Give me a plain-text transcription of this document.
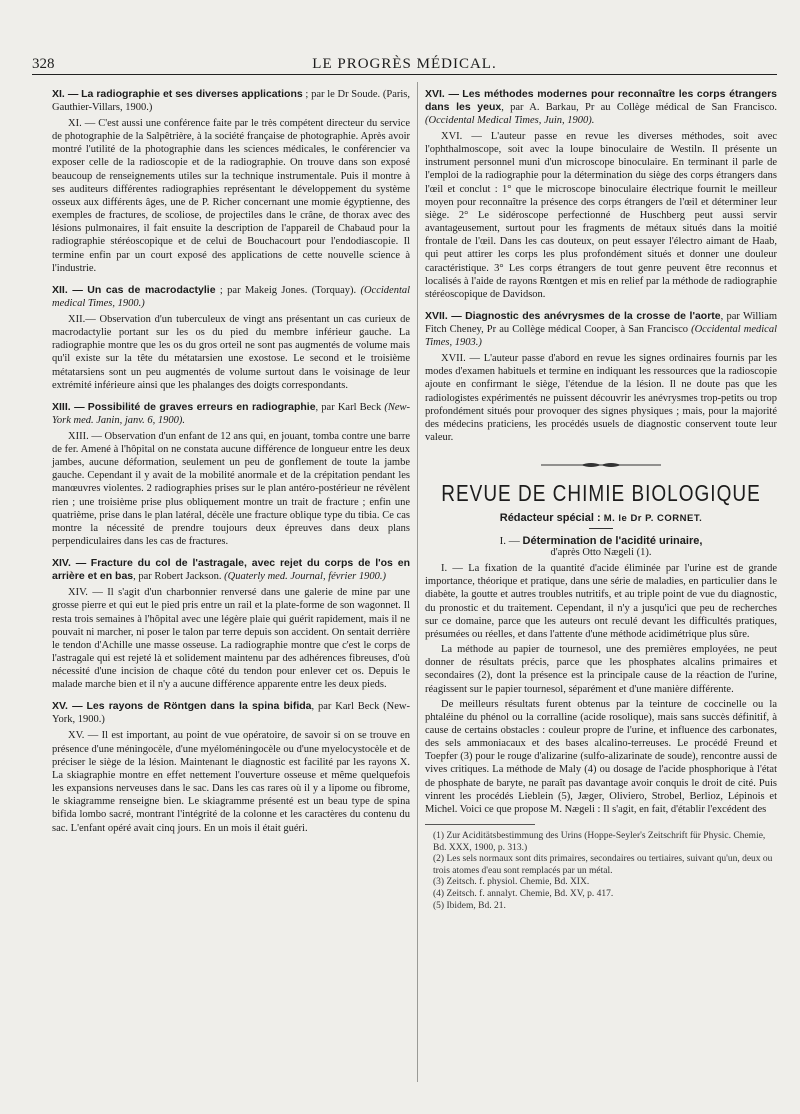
328	LE PROGRÈS MÉDICAL.

XI. — La radiographie et ses diverses applications ; par le Dr Soude. (Paris, Gauthier-Villars, 1900.)

XI. — C'est aussi une conférence faite par le très compétent directeur du service de photographie de la Salpêtrière, à la société française de photographie. Après avoir montré l'utilité de la photographie dans les sciences médicales, le conférencier va exposer celle de la radioscopie et de la radiographie. On trouve dans son exposé beaucoup de renseignements utiles sur la technique instrumentale. Puis il montre à ses auditeurs différentes radiographies représentant le développement du système osseux aux différents âges, une de P. Richer concernant une momie égyptienne, des exemples de fractures, de scoliose, de projectiles dans le crâne, de thorax avec des lésions pulmonaires, il fait ensuite la description de l'appareil de Chabaud pour la radiographie stéréoscopique et de celui de Bouchacourt pour l'endodiascopie. Il termine enfin par un court exposé des applications de cette nouvelle science à l'industrie.

XII. — Un cas de macrodactylie ; par Makeig Jones. (Torquay). (Occidental medical Times, 1900.)

XII.— Observation d'un tuberculeux de vingt ans présentant un cas curieux de macrodactylie portant sur les os du pied du membre inférieur gauche. La radiographie montre que les os du gros orteil ne sont pas augmentés de volume mais qu'il existe sur la tête du métatarsien une exostose. Le second et le troisième métatarsiens sont un peu augmentés de volume surtout dans le voisinage de leur extrémité inférieure ainsi que les phalanges des doigts correspondants.

XIII. — Possibilité de graves erreurs en radiographie, par Karl Beck (New-York med. Janin, janv. 6, 1900).

XIII. — Observation d'un enfant de 12 ans qui, en jouant, tomba contre une barre de fer. Amené à l'hôpital on ne constata aucune différence de longueur entre les deux jambes, aucune déformation, seulement un peu de gonflement de toute la jambe gauche. Cependant il y avait de la mobilité anormale et de la crépitation pendant les manœuvres violentes. 2 radiographies prises sur le plan antéro-postérieur ne révèlent rien ; une troisième prise plus obliquement montre un trait de fracture ; enfin une quatrième, prise dans le plan latéral, décèle une fracture oblique type du tibia. Ce cas montre la nécessité de prendre toujours deux épreuves dans deux plans perpendiculaires dans les cas de fractures.

XIV. — Fracture du col de l'astragale, avec rejet du corps de l'os en arrière et en bas, par Robert Jackson. (Quaterly med. Journal, février 1900.)

XIV. — Il s'agit d'un charbonnier renversé dans une galerie de mine par une grosse pierre et qui eut le pied pris entre un rail et la plate-forme de son wagonnet. Il resta trois semaines à l'hôpital avec une légère plaie qui guérit rapidement, mais il ne pouvait ni marcher, ni poser le talon par terre depuis son accident. On sentait derrière le tendon d'Achille une masse osseuse. La radiographie montre que c'est le corps de l'astragale qui est rejeté là et solidement maintenu par des adhérences fibreuses, d'où nécessité d'une incision de chaque côté du tendon pour enlever cet os. Depuis le malade marche bien et il n'y a aucune différence apparente entre les deux pieds.

XV. — Les rayons de Röntgen dans la spina bifida, par Karl Beck (New-York, 1900.)

XV. — Il est important, au point de vue opératoire, de savoir si on se trouve en présence d'une méningocèle, d'une myéloméningocèle ou d'une myelocystocèle et de préciser le siège de la lésion. Maintenant le diagnostic est facilité par les rayons X. La skiagraphie montre en effet nettement l'ouverture osseuse et même quelquefois les expansions nerveuses dans le sac. Dans les cas rares où il y a lipome ou fibrome, le skiagramme renseigne bien. Le skiagramme présenté est un beau type de spina bifida lombo sacré, montrant l'intégrité de la colonne et les caractères du contenu du sac. L'enfant opéré avait cinq jours. En un mois il était guéri.

XVI. — Les méthodes modernes pour reconnaître les corps étrangers dans les yeux, par A. Barkau, Pr au Collège médical de San Francisco. (Occidental Medical Times, Juin, 1900).

XVI. — L'auteur passe en revue les diverses méthodes, soit avec l'ophthalmoscope, soit avec la loupe binoculaire de Westiln. Il présente un instrument personnel muni d'un microscope binoculaire. En terminant il parle de l'emploi de la radiographie pour la détermination du siège des corps étrangers dans l'œil et conclut : 1° que le microscope binoculaire électrique fournit le meilleur moyen pour reconnaître la présence des corps étrangers de l'œil et déterminer leur siège. 2° Le sidéroscope perfectionné de Huschberg peut aussi servir avantageusement, surtout pour les fragments de métaux situés dans la moitié frontale de l'œil. Dans les cas douteux, on peut essayer l'électro aimant de Haab, qui peut attirer les corps les plus profondément situés et donner une douleur caractéristique. 3° Les corps étrangers de tout genre peuvent être reconnus et localisés à l'aide de rayons Rœntgen et mis en relief par la méthode de radiographie stéréoscopique de Davidson.

XVII. — Diagnostic des anévrysmes de la crosse de l'aorte, par William Fitch Cheney, Pr au Collège médical Cooper, à San Francisco (Occidental medical Times, 1903.)

XVII. — L'auteur passe d'abord en revue les signes ordinaires fournis par les modes d'examen habituels et termine en indiquant les ressources que la radioscopie ajoute en confirmant le siège, l'étendue de la lésion. Il ne doute pas que les radiologistes expérimentés ne puissent découvrir les anévrysmes trop-petits ou trop profondément situés pour provoquer des signes physiques ; mais, pour la majorité des médecins praticiens, les procédés usuels de diagnostic conservent toute leur valeur.

REVUE DE CHIMIE BIOLOGIQUE
Rédacteur spécial : M. le Dr P. CORNET.
I. — Détermination de l'acidité urinaire,
d'après Otto Nægeli (1).

I. — La fixation de la quantité d'acide éliminée par l'urine est de grande importance, théorique et pratique, dans une série de maladies, en particulier dans le diabète, la goutte et autres troubles nutritifs, et au triple point de vue du diagnostic, du pronostic et du traitement. Cependant, il n'y a jusqu'ici que peu de recherches sur ce domaine, parce que les auteurs ont reculé devant les difficultés pratiques, présumées ou réelles, et dans l'attente d'une méthode acidimétrique plus sûre.

La méthode au papier de tournesol, une des premières employées, ne peut donner de résultats précis, parce que les phosphates alcalins primaires et secondaires (2), dont la présence est la principale cause de la réaction de l'urine, réagissent sur le papier tournesol, séparément et d'une manière différente.

De meilleurs résultats furent obtenus par la teinture de coccinelle ou la phtaléine du phénol ou la corralline (acide rosolique), mais sans succès définitif, à cause de certains obstacles : couleur propre de l'urine, et influence des carbonates, des sels ammoniacaux et des bases alcalino-terreuses. Le procédé Freund et Toepfer (3) pour le rouge d'alizarine (sulfo-alizarinate de soude), rencontre aussi de vives critiques. La méthode de Maly (4) ou dosage de l'acide phosphorique à l'état de phosphate de baryte, ne paraît pas davantage avoir conquis le droit de cité. Puis vinrent les procédés Lieblein (5), Jæger, Oliviero, Strobel, Berlioz, Lépinois et Michel. Voici ce que propose M. Nægeli : Il s'agit, en fait, d'établir l'excédent des

(1) Zur Aciditätsbestimmung des Urins (Hoppe-Seyler's Zeitschrift für Physic. Chemie, Bd. XXX, 1900, p. 313.)

(2) Les sels normaux sont dits primaires, secondaires ou tertiaires, suivant qu'un, deux ou trois atomes d'eau sont remplacés par un métal.

(3) Zeitsch. f. physiol. Chemie, Bd. XIX.

(4) Zeitsch. f. annalyt. Chemie, Bd. XV, p. 417.

(5) Ibidem, Bd. 21.
